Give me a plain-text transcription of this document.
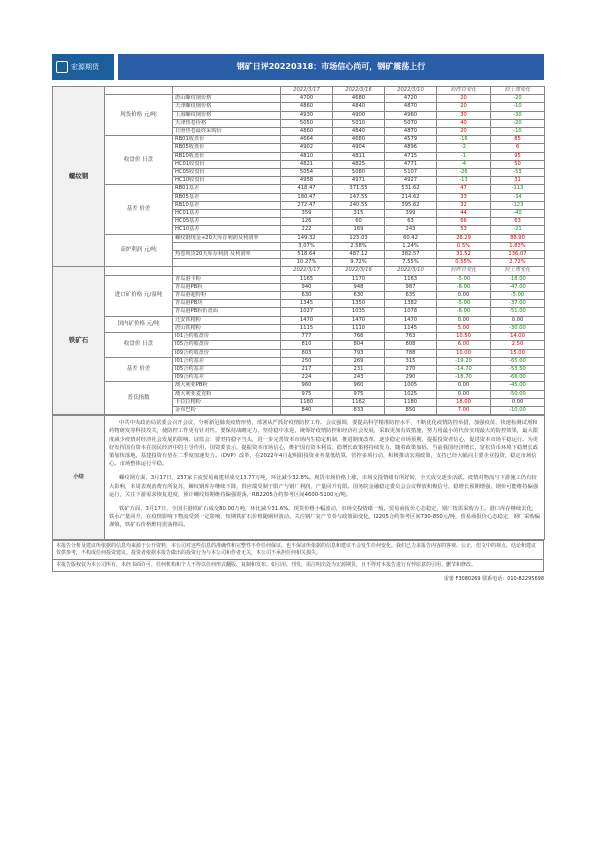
宏源期货	钢矿日评20220318：市场信心尚可，钢矿震荡上行
螺纹钢			2022/3/17	2022/3/16	2022/3/10	较昨日变化	较上周变化
	现货价格 元/吨	唐山螺纹钢价格	4700	4680	4720	20	-20
		天津螺纹钢价格	4860	4840	4870	20	-10
		上海螺纹钢价格	4930	4900	4960	30	-30
		天津热卷价格	5050	5010	5070	40	-20
		日照热卷最终采购价	4860	4840	4870	20	-10
	收盘价 日盘	RB01收盘价	4664	4680	4579	-16	85
		RB05收盘价	4902	4904	4896	-2	6
		RB10收盘价	4810	4811	4715	-1	95
		HC01收盘价	4821	4825	4771	-4	50
		HC05收盘价	5054	5080	5107	-26	-53
		HC10收盘价	4958	4971	4927	-13	31
	基差 价差	RB01基差	418.47	371.55	531.62	47	-113
		RB05基差	180.47	147.55	214.62	33	-34
		RB10基差	272.47	240.55	395.62	32	-123
		HC01基差	359	315	399	44	-40
		HC05基差	126	60	63	66	63
		HC10基差	222	169	243	53	-21
	高炉利润 元/吨	螺纹钢现金+20天库存利润及利润率	149.32	123.03	60.42	26.29	88.90
			3.07%	2.58%	1.24%	0.5%	1.83%
		热卷现货20天库存利润 及利润率	518.64	487.12	382.57	31.52	136.07
			10.27%	9.72%	7.55%	0.55%	2.72%
铁矿石			2022/3/17	2022/3/16	2022/3/10	较昨日变化	较上周变化
	进口矿价格 元/湿吨	青岛港卡粉	1165	1170	1163	-5.00	-18.00
		青岛港PB粉	940	948	987	-8.00	-47.00
		青岛港超特粉	630	630	635	0.00	-5.00
		青岛港PB块	1345	1350	1382	-5.00	-37.00
		青岛港PB粉折盘面	1027	1035	1078	-8.00	-51.00
	国内矿价格 元/吨	迁安铁精粉	1470	1470	1470	0.00	0.00
		唐山铁精粉	1115	1110	1145	5.00	-30.00
	收盘价 日盘	I01合约收盘价	777	766	763	10.50	14.00
		I05合约收盘价	810	804	808	6.00	2.50
		I09合约收盘价	803	793	788	10.00	15.00
	基差 价差	I01合约基差	250	269	315	-19.20	-65.00
		I05合约基差	217	231	270	-14.70	-53.50
		I09合约基差	224	243	290	-18.70	-66.00
	普氏指数	澳大利亚PB粉	960	960	1005	0.00	-45.00
		澳大利亚麦克粉	975	975	1025	0.00	-50.00
		卡拉拉精粉	1180	1162	1180	18.00	0.00
		金布巴粉	840	833	850	7.00	-10.00
小结	

中共中央政治局常委会召开会议，分析新冠肺炎疫情形势，部署从严抓好疫情防控工作。会议强调，要提高科学精准防控水平，不断优化疫情防控举措，加强疫苗、快速检测试剂和药物研发等科技攻关，使防控工作更有针对性。要保持战略定力，坚持稳中求进，统筹好疫情防控和经济社会发展，采取更加有效措施，努力用最小的代价实现最大的防控效果，最大限度减少疫情对经济社会发展的影响。证监会：要坚持稳字当头，进一步完善资本市场内生稳定机制，推进制度改革，逐步稳定市场预期，提振投资者信心，促进资本市场平稳运行。为更好发挥国有资本在国民经济中的主导作用，国资委表示，提振资本市场信心，维护国有资本利益。稳增长政策将持续发力，随着政策加码，当前我国经济增长，宽松货币环境下稳增长政策加快落地，基建投资有望在二季度加速发力。（DVP）改革，在2022年4月起明阳投资业务量低结算，管控多项行动，积极推动宏观政策，支持已经大幅向主要企业投资，稳定市场信心。市场整体运行平稳。

螺纹钢方面，3月17日，237家主流贸易商建材成交13.77万吨，环比减少32.8%。现货市场价格上涨，市场交投情绪有所好转，全天成交逐步活跃。疫情对物流与下游施工仍有较大影响，本周表观消费有所复苏，螺纹钢库存继续下降，供应端受制于限产与钢厂利润，产量回升有限。国务院金融稳定委员会会议释放积极信号，稳增长预期增强，钢价可能维持偏强运行，关注下游需求恢复进度，预计螺纹短期维持偏强震荡，RB2205合约参考区间4600-5100元/吨。

铁矿方面，3月17日，全国主港铁矿石成交80.00万吨，环比减少31.6%。现货价格小幅波动，市场交投情绪一般。贸易商报价心态稳定，钢厂按需采购为主。港口库存继续去化，铁水产量回升，在疫情影响下物流受到一定影响，短期铁矿石价格随钢材波动。关注钢厂复产节奏与政策面变化，I2205合约参考区间730-850元/吨，贸易商报价心态稳定，钢厂采购偏谨慎，铁矿石价格维持震荡格局。

本报告分析及建议所依据的信息均来源于公开资料，本公司对这些信息的准确性和完整性不作任何保证，也不保证所依据的信息和建议不会发生任何变化。我们已力求报告内容的客观、公正，但文中的观点、结论和建议仅供参考，不构成任何投资建议。投资者依据本报告做出的投资行为与本公司和作者无关，本公司不承担任何相关损失。
本报告版权仅为本公司所有，未经书面许可，任何机构和个人不得以任何形式翻版、复制和发布。如引用、刊发，需注明出处为宏源期货，且不得对本报告进行有悖原意的引用、删节和修改。
雷蕾 F3080269 联系电话：010-82295698
